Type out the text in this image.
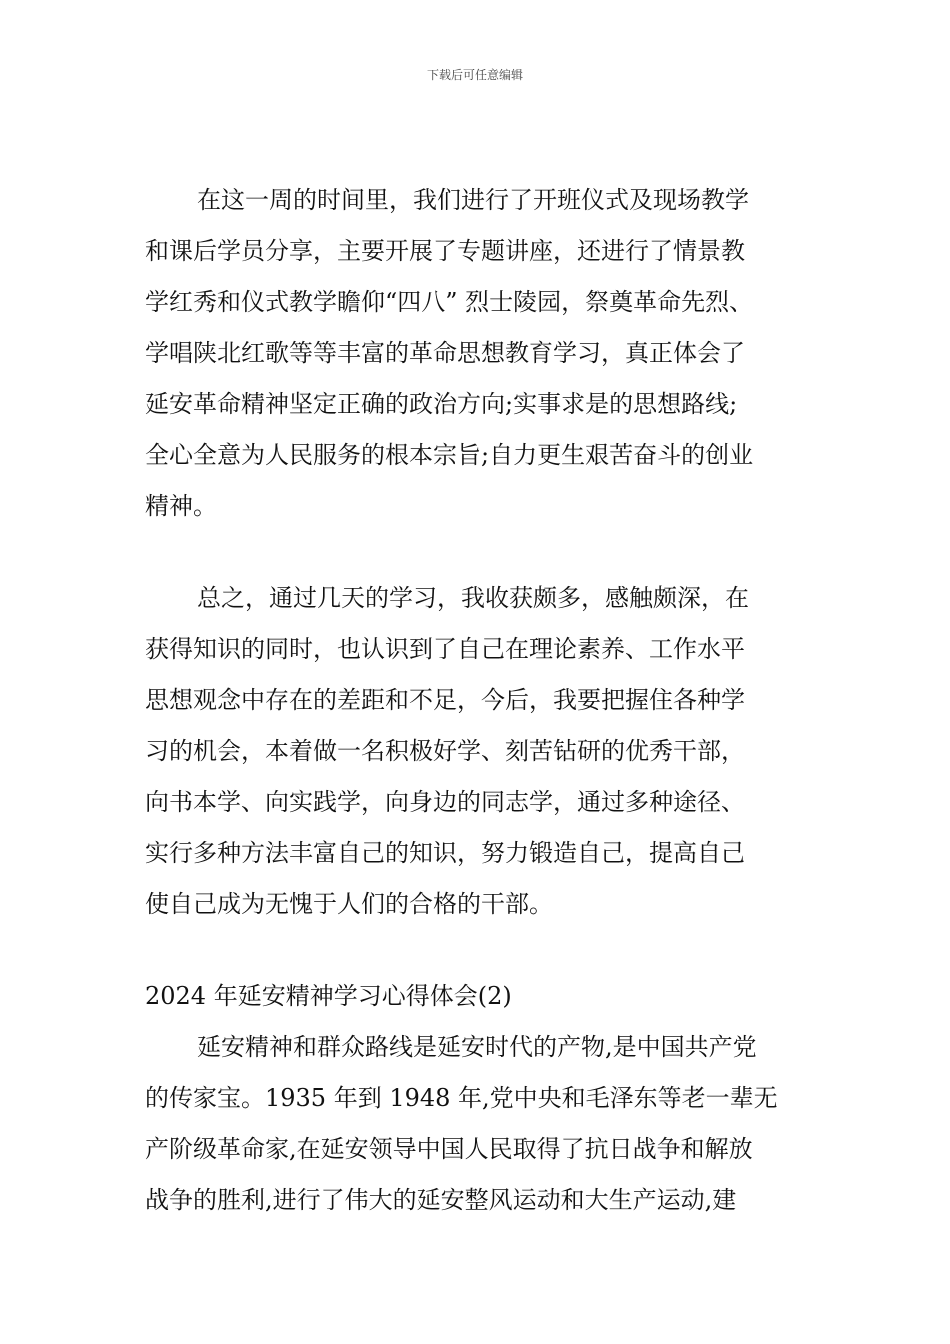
下载后可任意编辑
在这一周的时间里，我们进行了开班仪式及现场教学
和课后学员分享，主要开展了专题讲座，还进行了情景教
学红秀和仪式教学瞻仰“四八” 烈士陵园，祭奠革命先烈、
学唱陕北红歌等等丰富的革命思想教育学习，真正体会了
延安革命精神坚定正确的政治方向;实事求是的思想路线;
全心全意为人民服务的根本宗旨;自力更生艰苦奋斗的创业
精神。
总之，通过几天的学习，我收获颇多，感触颇深，在
获得知识的同时，也认识到了自己在理论素养、工作水平
思想观念中存在的差距和不足，今后，我要把握住各种学
习的机会，本着做一名积极好学、刻苦钻研的优秀干部，
向书本学、向实践学，向身边的同志学，通过多种途径、
实行多种方法丰富自己的知识，努力锻造自己，提高自己
使自己成为无愧于人们的合格的干部。
2024 年延安精神学习心得体会(2)
延安精神和群众路线是延安时代的产物,是中国共产党
的传家宝。1935 年到 1948 年,党中央和毛泽东等老一辈无
产阶级革命家,在延安领导中国人民取得了抗日战争和解放
战争的胜利,进行了伟大的延安整风运动和大生产运动,建
